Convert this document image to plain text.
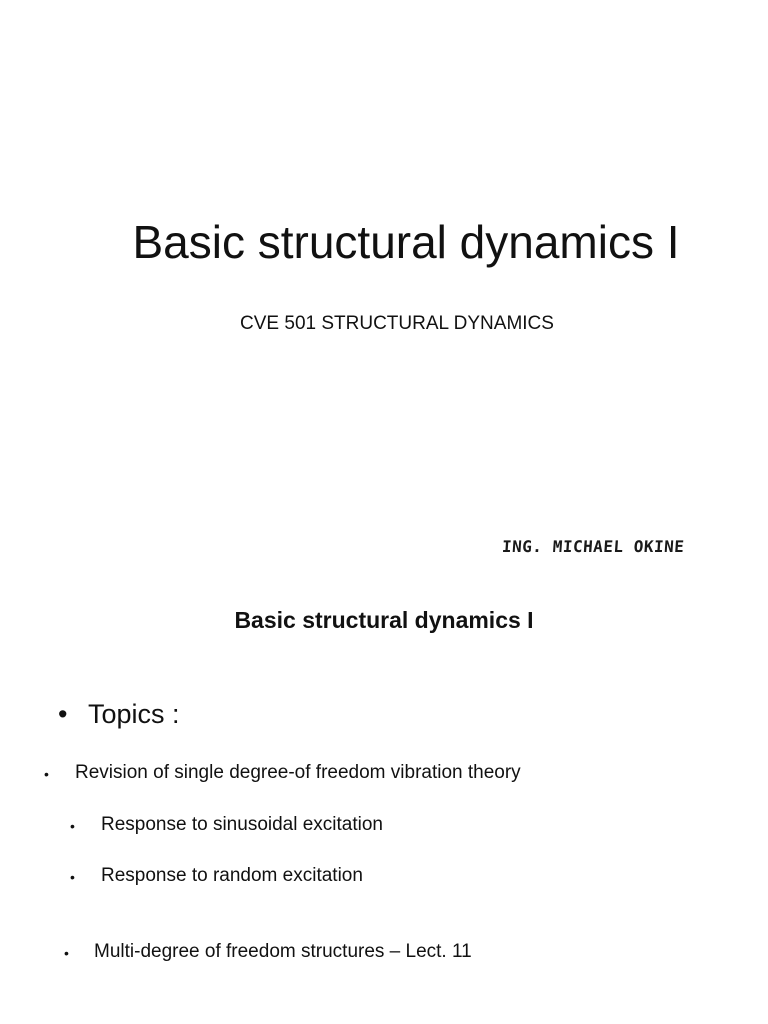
Basic structural dynamics I

CVE 501 STRUCTURAL DYNAMICS

ING. MICHAEL OKINE
Basic structural dynamics I
• Topics :
• Revision of single degree-of freedom vibration theory
• Response to sinusoidal excitation
• Response to random excitation
• Multi-degree of freedom structures – Lect. 11
